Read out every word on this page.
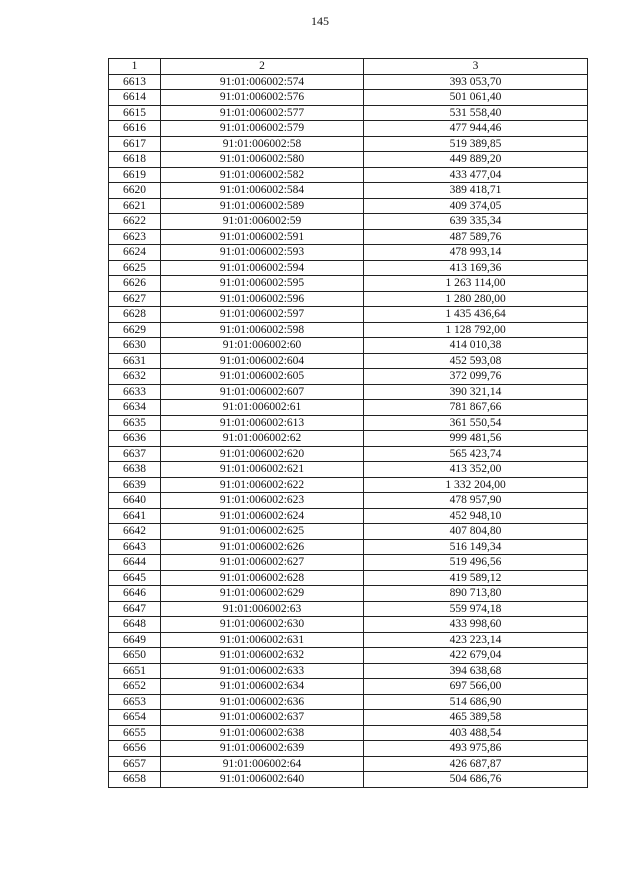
145
1	2	3
6613	91:01:006002:574	393 053,70
6614	91:01:006002:576	501 061,40
6615	91:01:006002:577	531 558,40
6616	91:01:006002:579	477 944,46
6617	91:01:006002:58	519 389,85
6618	91:01:006002:580	449 889,20
6619	91:01:006002:582	433 477,04
6620	91:01:006002:584	389 418,71
6621	91:01:006002:589	409 374,05
6622	91:01:006002:59	639 335,34
6623	91:01:006002:591	487 589,76
6624	91:01:006002:593	478 993,14
6625	91:01:006002:594	413 169,36
6626	91:01:006002:595	1 263 114,00
6627	91:01:006002:596	1 280 280,00
6628	91:01:006002:597	1 435 436,64
6629	91:01:006002:598	1 128 792,00
6630	91:01:006002:60	414 010,38
6631	91:01:006002:604	452 593,08
6632	91:01:006002:605	372 099,76
6633	91:01:006002:607	390 321,14
6634	91:01:006002:61	781 867,66
6635	91:01:006002:613	361 550,54
6636	91:01:006002:62	999 481,56
6637	91:01:006002:620	565 423,74
6638	91:01:006002:621	413 352,00
6639	91:01:006002:622	1 332 204,00
6640	91:01:006002:623	478 957,90
6641	91:01:006002:624	452 948,10
6642	91:01:006002:625	407 804,80
6643	91:01:006002:626	516 149,34
6644	91:01:006002:627	519 496,56
6645	91:01:006002:628	419 589,12
6646	91:01:006002:629	890 713,80
6647	91:01:006002:63	559 974,18
6648	91:01:006002:630	433 998,60
6649	91:01:006002:631	423 223,14
6650	91:01:006002:632	422 679,04
6651	91:01:006002:633	394 638,68
6652	91:01:006002:634	697 566,00
6653	91:01:006002:636	514 686,90
6654	91:01:006002:637	465 389,58
6655	91:01:006002:638	403 488,54
6656	91:01:006002:639	493 975,86
6657	91:01:006002:64	426 687,87
6658	91:01:006002:640	504 686,76
